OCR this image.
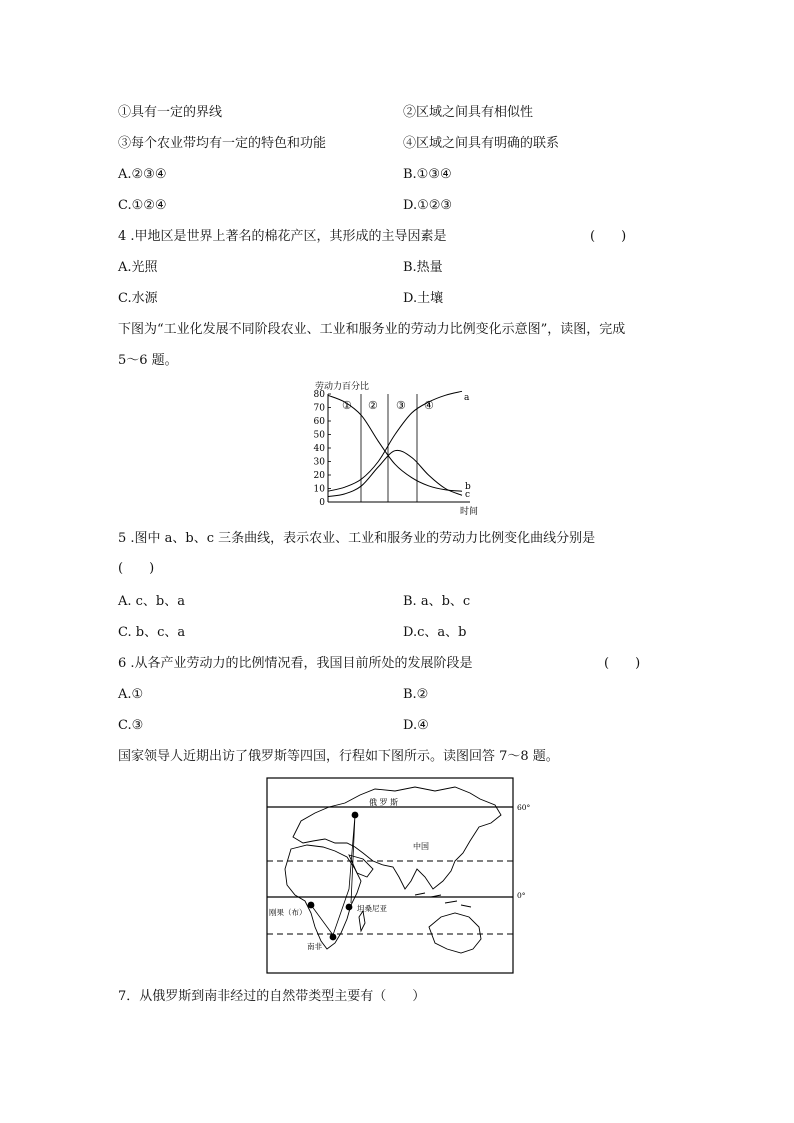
①具有一定的界线	②区域之间具有相似性
③每个农业带均有一定的特色和功能	④区域之间具有明确的联系
A.②③④	B.①③④
C.①②④	D.①②③
4 .甲地区是世界上著名的棉花产区，其形成的主导因素是	(　　)
A.光照	B.热量
C.水源	D.土壤
下图为“工业化发展不同阶段农业、工业和服务业的劳动力比例变化示意图”，读图，完成
5～6 题。
劳动力百分比
80
70
60
50
40
30
20
10
0
① ② ③ ④
a
b
c
时间
5 .图中 a、b、c 三条曲线，表示农业、工业和服务业的劳动力比例变化曲线分别是
(　　)
A. c、b、a	B. a、b、c
C. b、c、a	D.c、a、b
6 .从各产业劳动力的比例情况看，我国目前所处的发展阶段是	(　　)
A.①	B.②
C.③	D.④
国家领导人近期出访了俄罗斯等四国，行程如下图所示。读图回答 7～8 题。
俄 罗 斯
中国
刚果（布）	坦桑尼亚
南非
60°
0°
7．从俄罗斯到南非经过的自然带类型主要有（　　）
